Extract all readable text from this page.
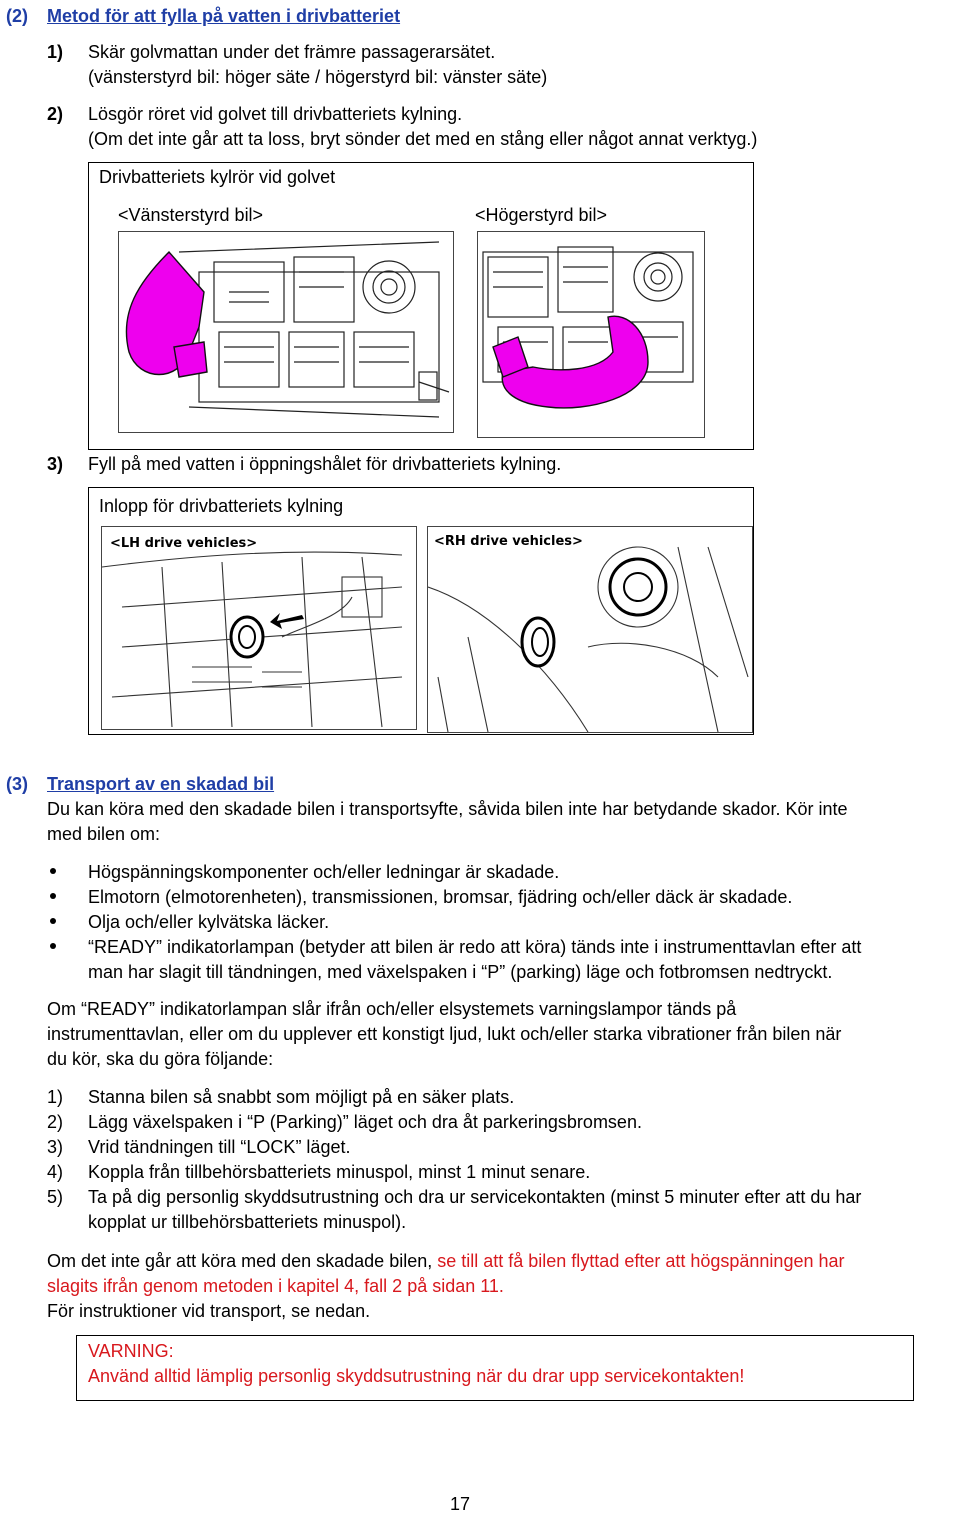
(2) Metod för att fylla på vatten i drivbatteriet
1) Skär golvmattan under det främre passagerarsätet.
(vänsterstyrd bil: höger säte / högerstyrd bil: vänster säte)
2) Lösgör röret vid golvet till drivbatteriets kylning.
(Om det inte går att ta loss, bryt sönder det med en stång eller något annat verktyg.)
Drivbatteriets kylrör vid golvet
<Vänsterstyrd bil>	<Högerstyrd bil>
3) Fyll på med vatten i öppningshålet för drivbatteriets kylning.
Inlopp för drivbatteriets kylning
<LH drive vehicles>	<RH drive vehicles>
(3) Transport av en skadad bil
Du kan köra med den skadade bilen i transportsyfte, såvida bilen inte har betydande skador. Kör inte
med bilen om:
Högspänningskomponenter och/eller ledningar är skadade.
Elmotorn (elmotorenheten), transmissionen, bromsar, fjädring och/eller däck är skadade.
Olja och/eller kylvätska läcker.
“READY” indikatorlampan (betyder att bilen är redo att köra) tänds inte i instrumenttavlan efter att
man har slagit till tändningen, med växelspaken i “P” (parking) läge och fotbromsen nedtryckt.
Om “READY” indikatorlampan slår ifrån och/eller elsystemets varningslampor tänds på
instrumenttavlan, eller om du upplever ett konstigt ljud, lukt och/eller starka vibrationer från bilen när
du kör, ska du göra följande:
1) Stanna bilen så snabbt som möjligt på en säker plats.
2) Lägg växelspaken i “P (Parking)” läget och dra åt parkeringsbromsen.
3) Vrid tändningen till “LOCK” läget.
4) Koppla från tillbehörsbatteriets minuspol, minst 1 minut senare.
5) Ta på dig personlig skyddsutrustning och dra ur servicekontakten (minst 5 minuter efter att du har
kopplat ur tillbehörsbatteriets minuspol).
Om det inte går att köra med den skadade bilen, se till att få bilen flyttad efter att högspänningen har
slagits ifrån genom metoden i kapitel 4, fall 2 på sidan 11.
För instruktioner vid transport, se nedan.
VARNING:
Använd alltid lämplig personlig skyddsutrustning när du drar upp servicekontakten!
17
